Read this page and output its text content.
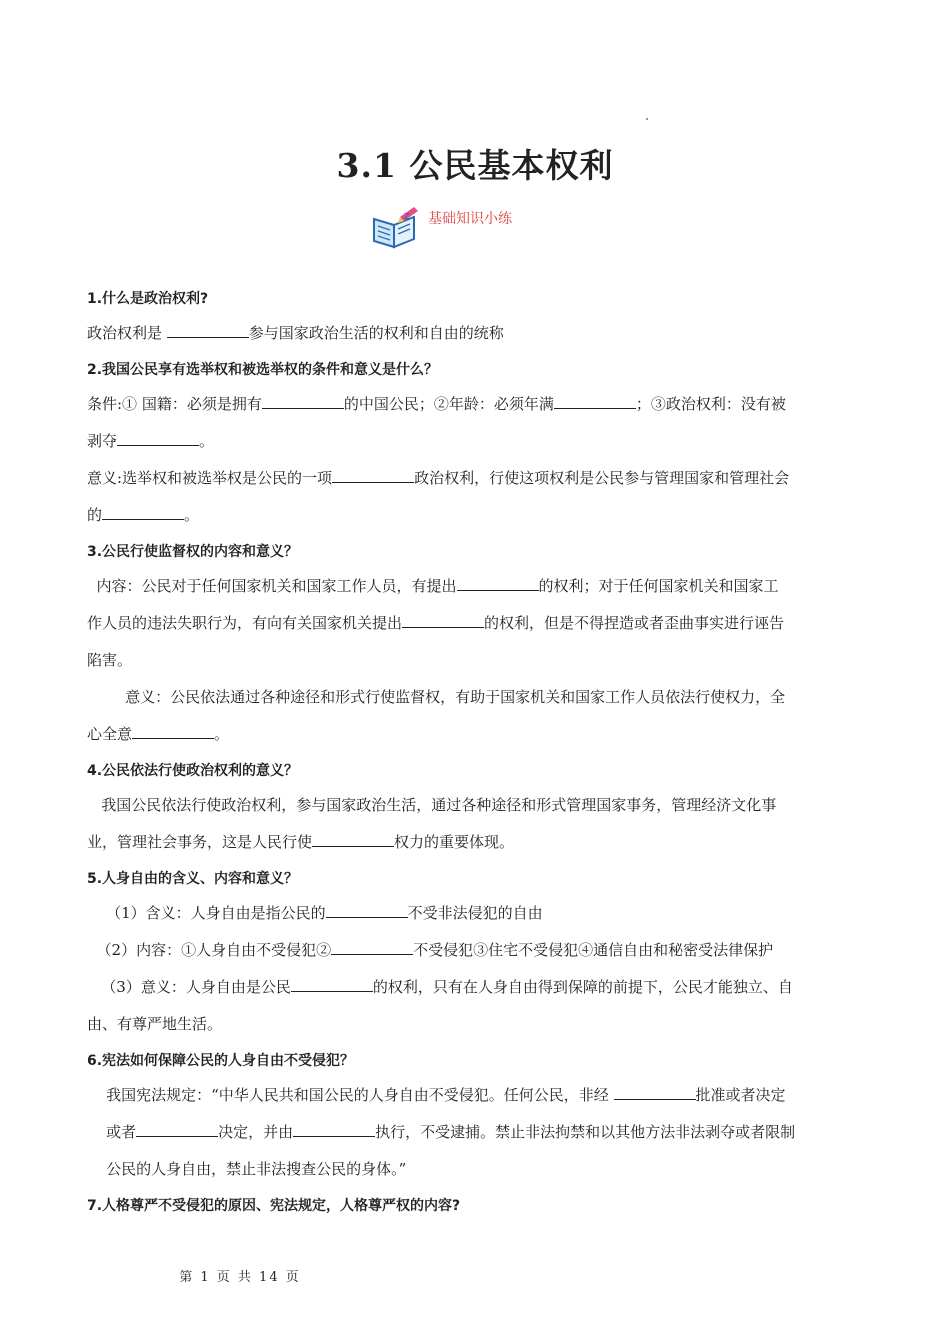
3.1 公民基本权利
Z 基础知识小练
1.什么是政治权利?
政治权利是	参与国家政治生活的权利和自由的统称
2.我国公民享有选举权和被选举权的条件和意义是什么？
条件:① 国籍：必须是拥有	的中国公民；②年龄：必须年满	；③政治权利：没有被
剥夺	。
意义:选举权和被选举权是公民的一项	政治权利，行使这项权利是公民参与管理国家和管理社会
的	。
3.公民行使监督权的内容和意义？
内容：公民对于任何国家机关和国家工作人员，有提出	的权利；对于任何国家机关和国家工
作人员的违法失职行为，有向有关国家机关提出	的权利，但是不得捏造或者歪曲事实进行诬告
陷害。
意义：公民依法通过各种途径和形式行使监督权，有助于国家机关和国家工作人员依法行使权力，全
心全意	。
4.公民依法行使政治权利的意义？
我国公民依法行使政治权利，参与国家政治生活，通过各种途径和形式管理国家事务，管理经济文化事
业，管理社会事务，这是人民行使	权力的重要体现。
5.人身自由的含义、内容和意义？
（1）含义：人身自由是指公民的	不受非法侵犯的自由
（2）内容：①人身自由不受侵犯②	不受侵犯③住宅不受侵犯④通信自由和秘密受法律保护
（3）意义：人身自由是公民	的权利，只有在人身自由得到保障的前提下，公民才能独立、自
由、有尊严地生活。
6.宪法如何保障公民的人身自由不受侵犯？
我国宪法规定：“中华人民共和国公民的人身自由不受侵犯。任何公民，非经	批准或者决定
或者	决定，并由	执行，不受逮捕。禁止非法拘禁和以其他方法非法剥夺或者限制
公民的人身自由，禁止非法搜查公民的身体。”
7.人格尊严不受侵犯的原因、宪法规定，人格尊严权的内容?
第 1 页 共 14 页
